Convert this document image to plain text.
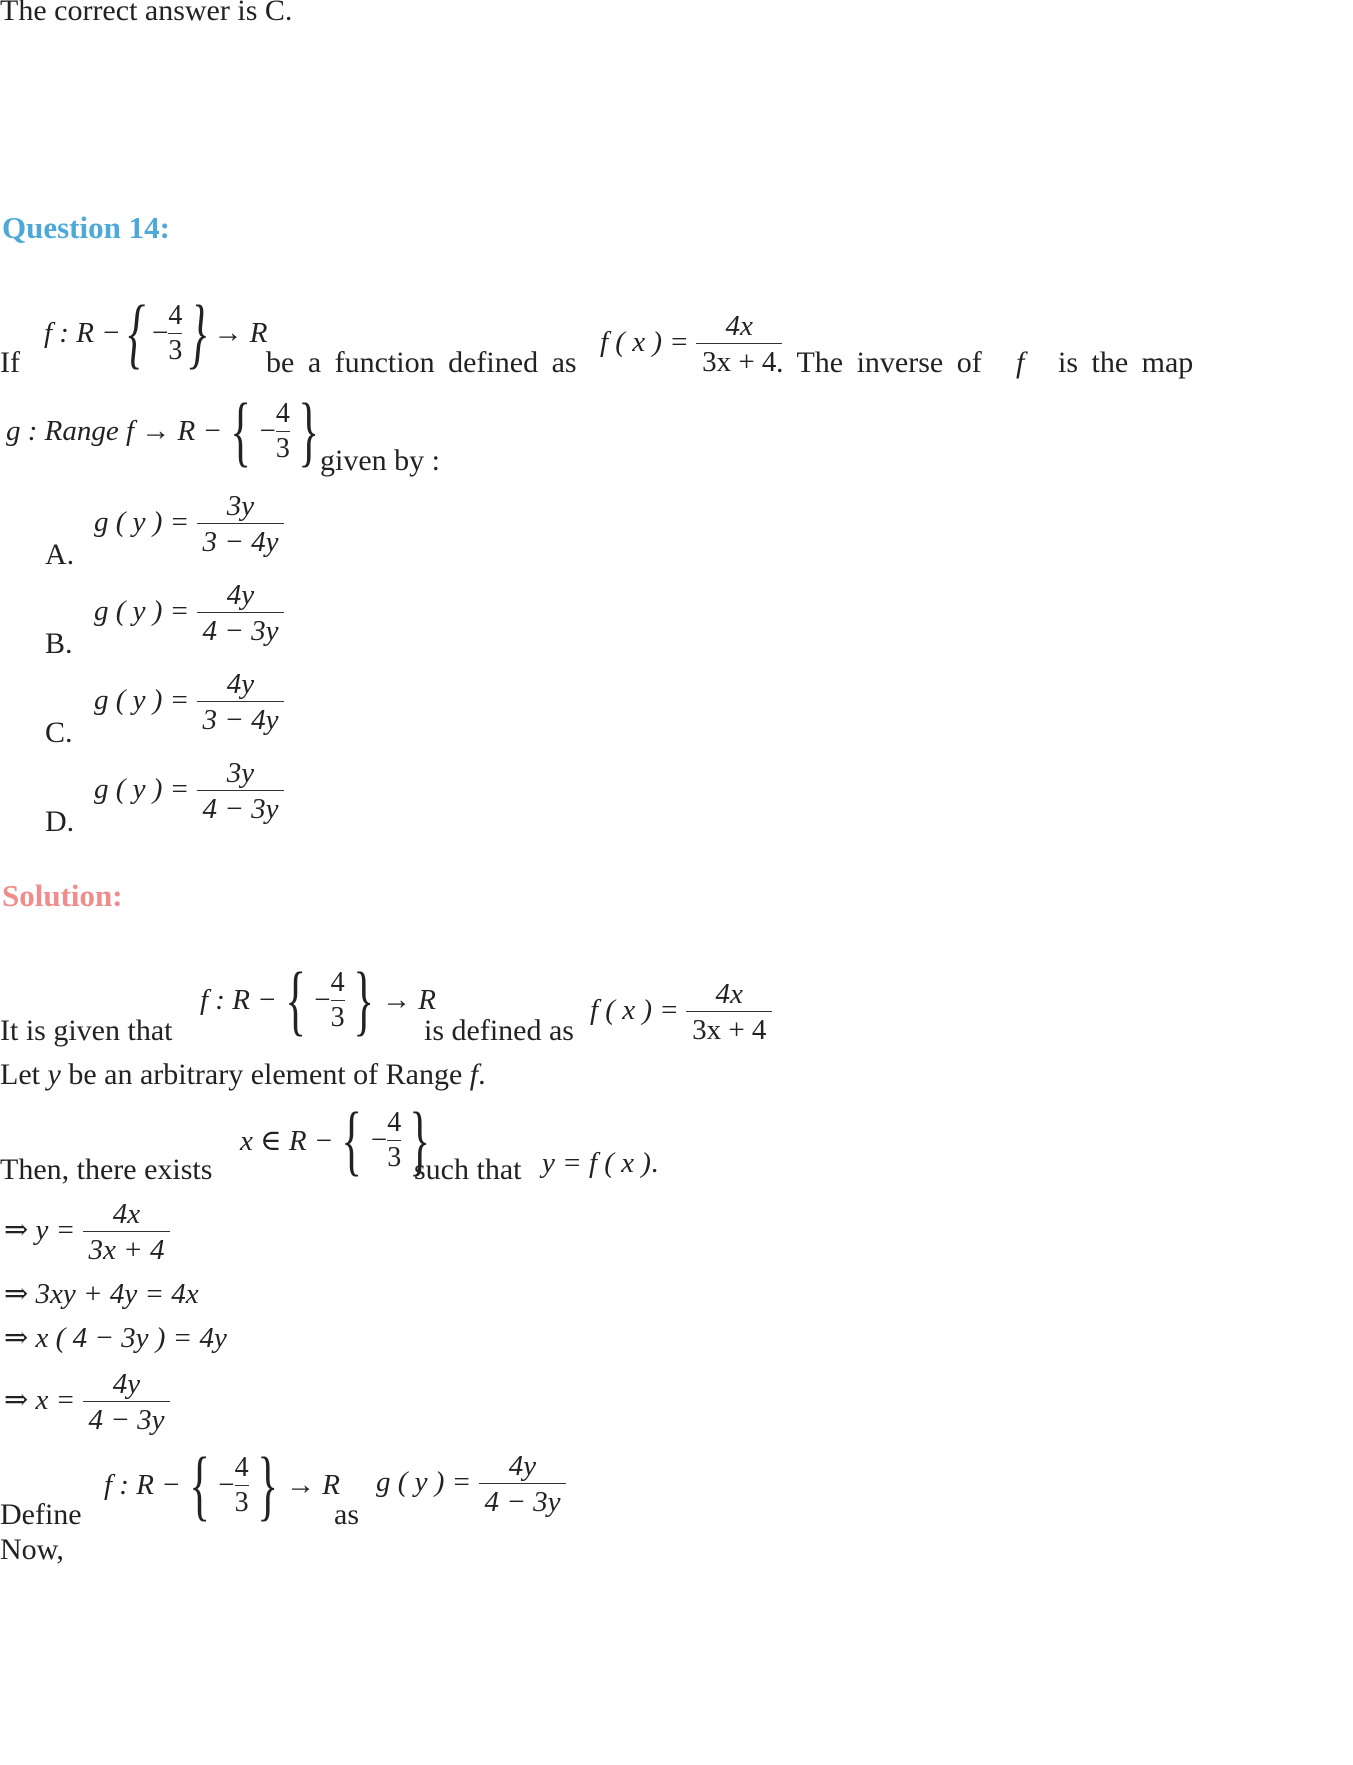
The correct answer is C.
Question 14:
If
f : R − { − $\frac{4}{3}$ } → R
be a function defined as
f ( x ) = $\frac{4x}{3x + 4}$
. The inverse of f is the map
g : Range f → R − { − $\frac{4}{3}$ } given by :
A.
g ( y ) = $\frac{3y}{3 - 4y}$
B.
g ( y ) = $\frac{4y}{4 - 3y}$
C.
g ( y ) = $\frac{4y}{3 - 4y}$
D.
g ( y ) = $\frac{3y}{4 - 3y}$
Solution:
It is given that
f : R − { − $\frac{4}{3}$ } → R
is defined as
f ( x ) = $\frac{4x}{3x + 4}$
Let y be an arbitrary element of Range f.
Then, there exists
x ∈ R − { − $\frac{4}{3}$ }
such that y = f ( x ).
⇒ $y = \frac{4x}{3x + 4}$
⇒ 3xy + 4y = 4x
⇒ x ( 4 − 3y ) = 4y
⇒ $x = \frac{4y}{4 - 3y}$
Define
f : R − { − $\frac{4}{3}$ } → R
as
g ( y ) = $\frac{4y}{4 - 3y}$
Now,
